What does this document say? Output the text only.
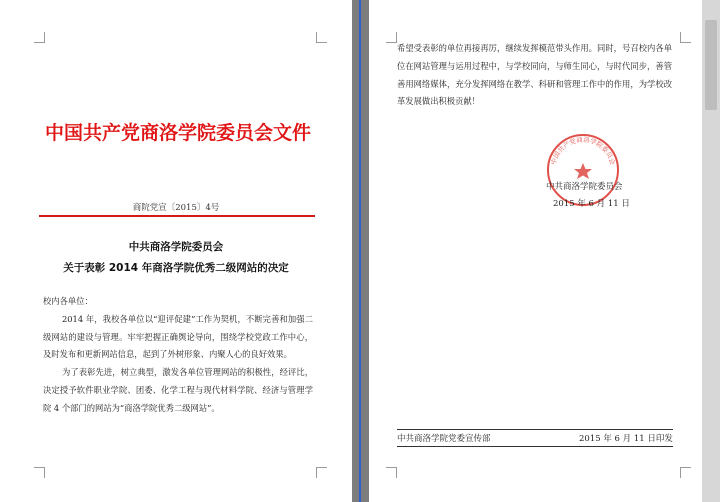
中国共产党商洛学院委员会文件
商院党宣〔2015〕4号
中共商洛学院委员会
关于表彰 2014 年商洛学院优秀二级网站的决定

校内各单位：

2014 年，我校各单位以“迎评促建”工作为契机，不断完善和加强二级网站的建设与管理。牢牢把握正确舆论导向，围绕学校党政工作中心，及时发布和更新网站信息，起到了外树形象、内聚人心的良好效果。

为了表彰先进，树立典型，激发各单位管理网站的积极性，经评比，决定授予软件职业学院、团委、化学工程与现代材料学院、经济与管理学院 4 个部门的网站为“商洛学院优秀二级网站”。

希望受表彰的单位再接再厉，继续发挥模范带头作用。同时，号召校内各单位在网站管理与运用过程中，与学校同向，与师生同心，与时代同步，善管善用网络媒体，充分发挥网络在教学、科研和管理工作中的作用，为学校改革发展做出积极贡献！

中国共产党商洛学院委员会
中共商洛学院委员会
2015 年 6 月 11 日
中共商洛学院党委宣传部	2015 年 6 月 11 日印发
